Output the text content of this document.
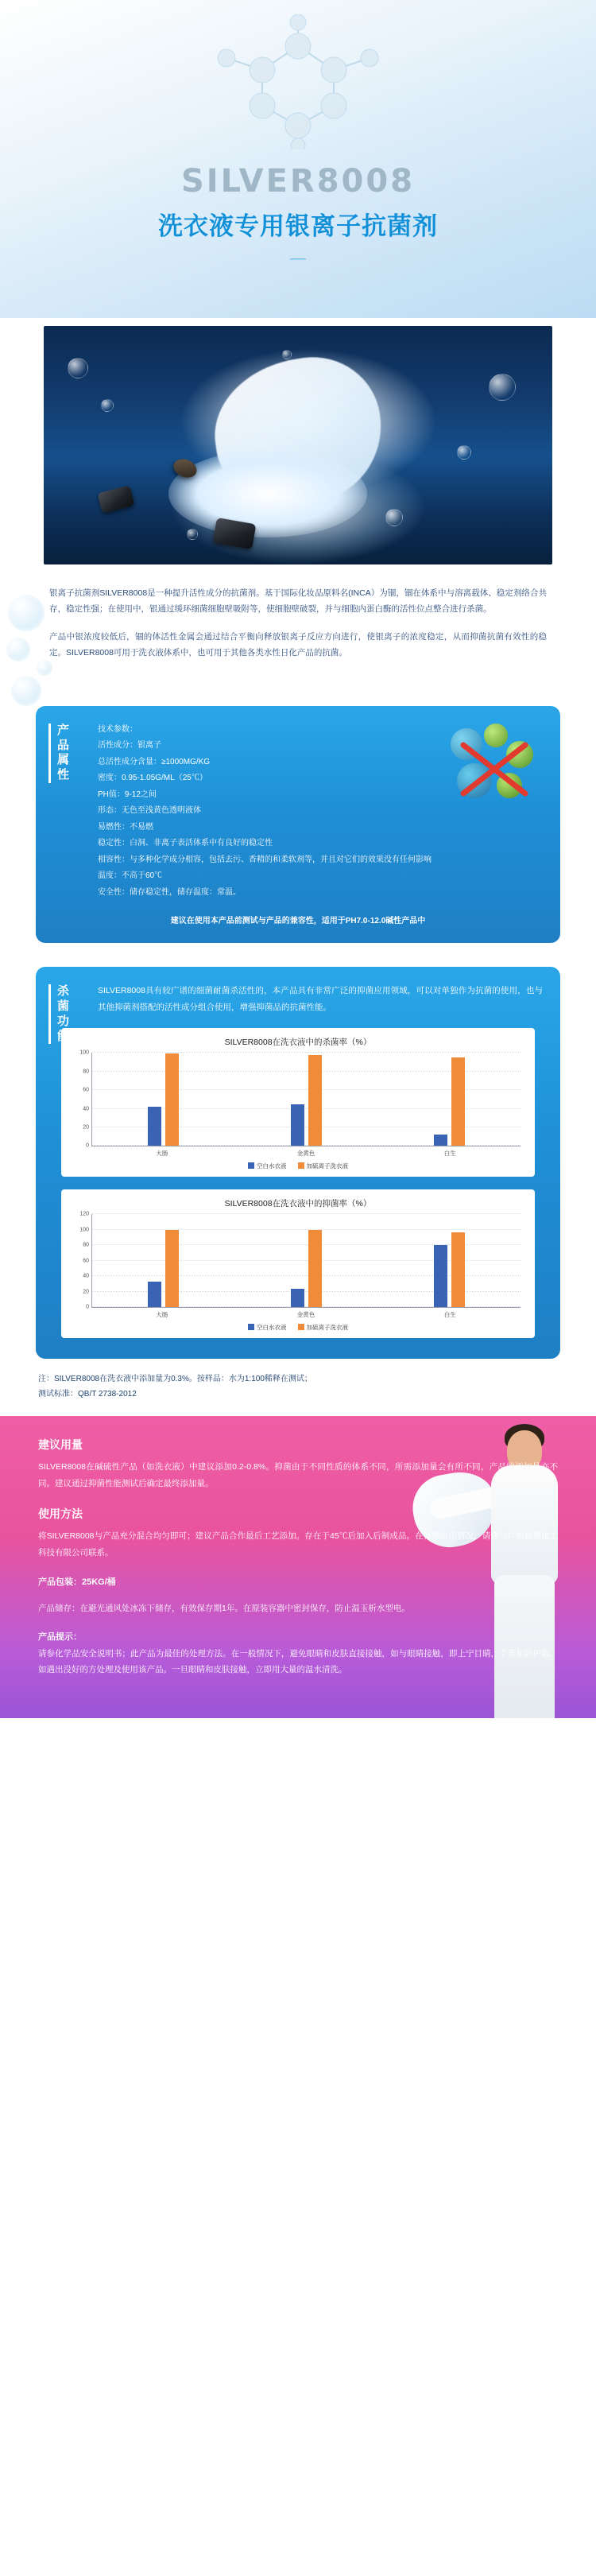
SILVER8008
洗衣液专用银离子抗菌剂
—

银离子抗菌剂SILVER8008是一种提升活性成分的抗菌剂。基于国际化妆品原料名(INCA）为锢，锢在体系中与溶离载体、稳定剂络合共存，稳定性强；在使用中，银通过缓环细菌细胞壁吸附等，使细胞壁破裂，并与细胞内蛋白酶的活性位点整合进行杀菌。

产品中银浓度较低后，锢的体活性金属会通过结合平衡向释放银离子反应方向进行，使银离子的浓度稳定，从而抑菌抗菌有效性的稳定。SILVER8008可用于洗衣液体系中，也可用于其他各类水性日化产品的抗菌。

产
品
属
性
技术参数：
活性成分：银离子
总活性成分含量：≥1000MG/KG
密度：0.95-1.05G/ML（25℃）
PH值：9-12之间
形态：无色至浅黄色透明液体
易燃性：不易燃
稳定性：白洞、非离子表活体系中有良好的稳定性
相容性：与多种化学成分相容，包括去污、香精的和柔软剂等，并且对它们的效果没有任何影响
温度：不高于60℃
安全性：储存稳定性，储存温度：常温。
建议在使用本产品前测试与产品的兼容性，适用于PH7.0-12.0碱性产品中
杀
菌
功
能
SILVER8008具有较广谱的细菌耐菌杀活性的，本产品具有非常广泛的抑菌应用领域，可以对单独作为抗菌的使用，也与其他抑菌剂搭配的活性成分组合使用，增强抑菌品的抗菌性能。
SILVER8008在洗衣液中的杀菌率（%）
0
20
40
60
80
100
大肠	金黄色	白生
空白水衣液	加硫离子洗衣液
SILVER8008在洗衣液中的抑菌率（%）
0
20
40
60
80
100
120
大肠	金黄色	白生
空白水衣液	加硫离子洗衣液
注：SILVER8008在洗衣液中添加量为0.3%。按样品：水为1:100稀释在测试；
测试标准：QB/T 2738-2012
建议用量

SILVER8008在碱硫性产品（如洗衣液）中建议添加0.2-0.8%。抑菌由于不同性质的体系不同，所需添加量会有所不同，产品的添加量亦不同。建议通过抑菌性能测试后确定最终添加量。

使用方法

将SILVER8008与产品充分混合均匀即可；建议产品合作最后工艺添加。存在于45℃后加入后制成品。在特殊应用情况，请您与广州榆鲁化工科技有限公司联系。

产品包装：25KG/桶

产品储存：在避光通风处冰冻下储存，有效保存期1年。在原装容器中密封保存，防止温玉析水型电。

产品提示：

请参化学品安全说明书；此产品为最佳的处理方法。在一般情况下，避免眼睛和皮肤直接接触，如与眼睛接触，即上宁目睛，手套和防护服。如遇出没好的方处理及使用该产品。一旦眼睛和皮肤接触，立即用大量的温水清洗。
